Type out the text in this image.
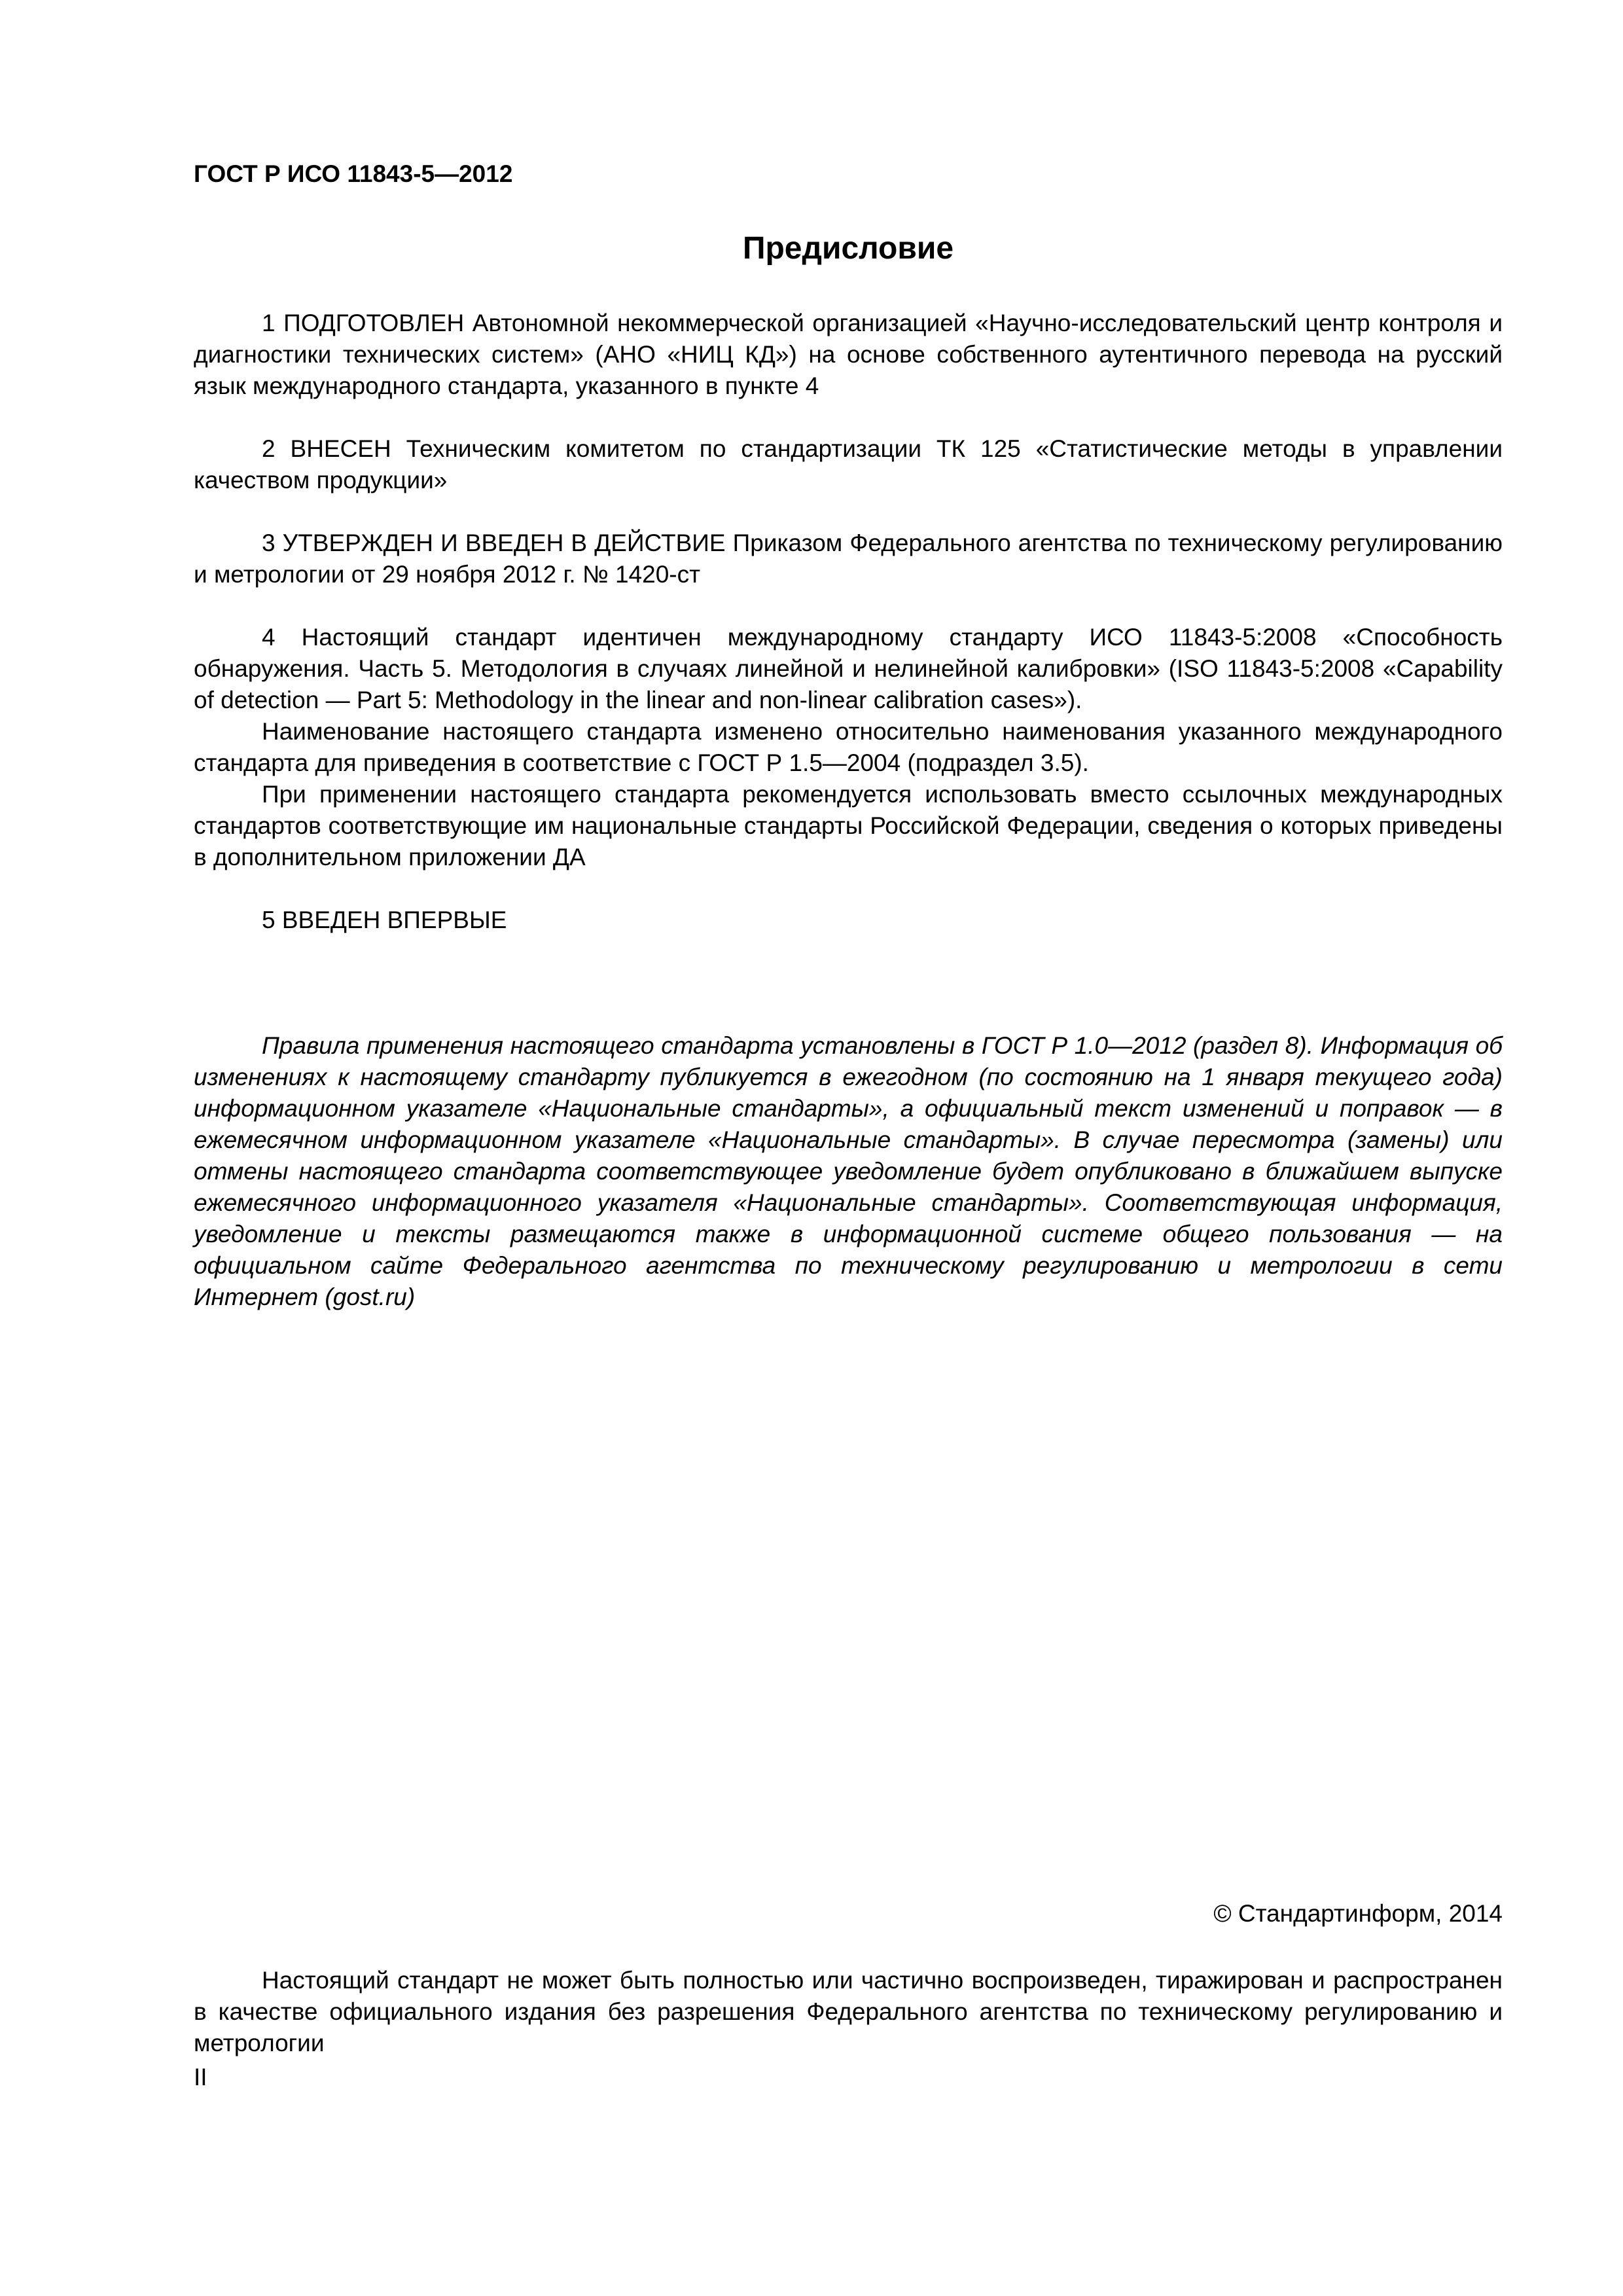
ГОСТ Р ИСО 11843-5—2012
Предисловие

1 ПОДГОТОВЛЕН Автономной некоммерческой организацией «Научно-исследовательский центр контроля и диагностики технических систем» (АНО «НИЦ КД») на основе собственного аутентичного перевода на русский язык международного стандарта, указанного в пункте 4

2 ВНЕСЕН Техническим комитетом по стандартизации ТК 125 «Статистические методы в управлении качеством продукции»

3 УТВЕРЖДЕН И ВВЕДЕН В ДЕЙСТВИЕ Приказом Федерального агентства по техническому регулированию и метрологии от 29 ноября 2012 г. № 1420-ст

4 Настоящий стандарт идентичен международному стандарту ИСО 11843-5:2008 «Способность обнаружения. Часть 5. Методология в случаях линейной и нелинейной калибровки» (ISO 11843-5:2008 «Capability of detection — Part 5: Methodology in the linear and non-linear calibration cases»).

Наименование настоящего стандарта изменено относительно наименования указанного международного стандарта для приведения в соответствие с ГОСТ Р 1.5—2004 (подраздел 3.5).

При применении настоящего стандарта рекомендуется использовать вместо ссылочных международных стандартов соответствующие им национальные стандарты Российской Федерации, сведения о которых приведены в дополнительном приложении ДА

5 ВВЕДЕН ВПЕРВЫЕ

Правила применения настоящего стандарта установлены в ГОСТ Р 1.0—2012 (раздел 8). Информация об изменениях к настоящему стандарту публикуется в ежегодном (по состоянию на 1 января текущего года) информационном указателе «Национальные стандарты», а официальный текст изменений и поправок — в ежемесячном информационном указателе «Национальные стандарты». В случае пересмотра (замены) или отмены настоящего стандарта соответствующее уведомление будет опубликовано в ближайшем выпуске ежемесячного информационного указателя «Национальные стандарты». Соответствующая информация, уведомление и тексты размещаются также в информационной системе общего пользования — на официальном сайте Федерального агентства по техническому регулированию и метрологии в сети Интернет (gost.ru)

© Стандартинформ, 2014

Настоящий стандарт не может быть полностью или частично воспроизведен, тиражирован и распространен в качестве официального издания без разрешения Федерального агентства по техническому регулированию и метрологии

II
